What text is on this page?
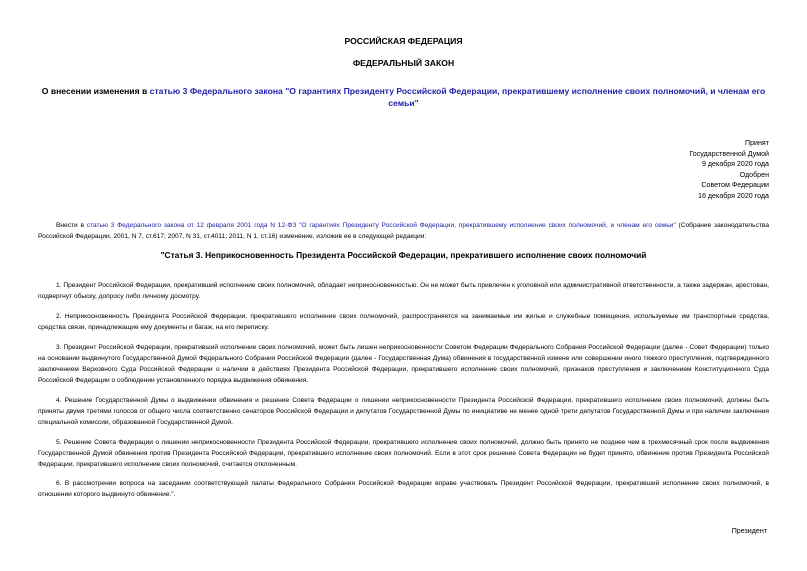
РОССИЙСКАЯ ФЕДЕРАЦИЯ
ФЕДЕРАЛЬНЫЙ ЗАКОН
О внесении изменения в статью 3 Федерального закона "О гарантиях Президенту Российской Федерации, прекратившему исполнение своих полномочий, и членам его семьи"
Принят
Государственной Думой
9 декабря 2020 года
Одобрен
Советом Федерации
16 декабря 2020 года
Внести в статью 3 Федерального закона от 12 февраля 2001 года N 12-ФЗ "О гарантиях Президенту Российской Федерации, прекратившему исполнение своих полномочий, и членам его семьи" (Собрание законодательства Российской Федерации, 2001, N 7, ст.617; 2007, N 31, ст.4011; 2011, N 1, ст.16) изменение, изложив ее в следующей редакции:
"Статья 3. Неприкосновенность Президента Российской Федерации, прекратившего исполнение своих полномочий
1. Президент Российской Федерации, прекративший исполнение своих полномочий, обладает неприкосновенностью. Он не может быть привлечен к уголовной или административной ответственности, а также задержан, арестован, подвергнут обыску, допросу либо личному досмотру.
2. Неприкосновенность Президента Российской Федерации, прекратившего исполнение своих полномочий, распространяется на занимаемые им жилые и служебные помещения, используемые им транспортные средства, средства связи, принадлежащие ему документы и багаж, на его переписку.
3. Президент Российской Федерации, прекративший исполнение своих полномочий, может быть лишен неприкосновенности Советом Федерации Федерального Собрания Российской Федерации (далее - Совет Федерации) только на основании выдвинутого Государственной Думой Федерального Собрания Российской Федерации (далее - Государственная Дума) обвинения в государственной измене или совершении иного тяжкого преступления, подтвержденного заключением Верховного Суда Российской Федерации о наличии в действиях Президента Российской Федерации, прекратившего исполнение своих полномочий, признаков преступления и заключением Конституционного Суда Российской Федерации о соблюдении установленного порядка выдвижения обвинения.
4. Решение Государственной Думы о выдвижении обвинения и решение Совета Федерации о лишении неприкосновенности Президента Российской Федерации, прекратившего исполнение своих полномочий, должны быть приняты двумя третями голосов от общего числа соответственно сенаторов Российской Федерации и депутатов Государственной Думы по инициативе не менее одной трети депутатов Государственной Думы и при наличии заключения специальной комиссии, образованной Государственной Думой.
5. Решение Совета Федерации о лишении неприкосновенности Президента Российской Федерации, прекратившего исполнение своих полномочий, должно быть принято не позднее чем в трехмесячный срок после выдвижения Государственной Думой обвинения против Президента Российской Федерации, прекратившего исполнение своих полномочий. Если в этот срок решение Совета Федерации не будет принято, обвинение против Президента Российской Федерации, прекратившего исполнение своих полномочий, считается отклоненным.
6. В рассмотрении вопроса на заседании соответствующей палаты Федерального Собрания Российской Федерации вправе участвовать Президент Российской Федерации, прекративший исполнение своих полномочий, в отношении которого выдвинуто обвинение.".
Президент
